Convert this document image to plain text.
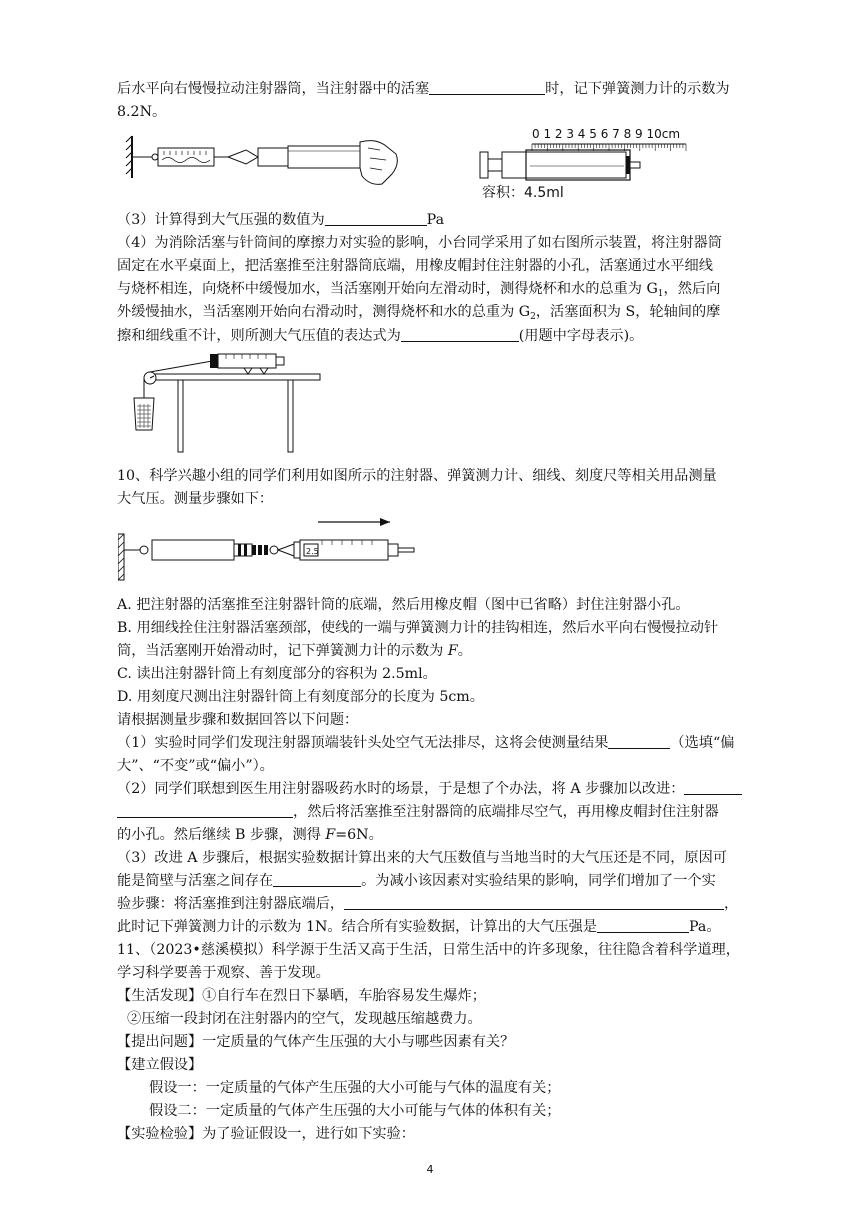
后水平向右慢慢拉动注射器筒，当注射器中的活塞	时，记下弹簧测力计的示数为
8.2N。
0 1 2 3 4 5 6 7 8 9 10cm
容积：4.5ml
（3）计算得到大气压强的数值为	Pa
（4）为消除活塞与针筒间的摩擦力对实验的影响，小台同学采用了如右图所示装置，将注射器筒
固定在水平桌面上，把活塞推至注射器筒底端，用橡皮帽封住注射器的小孔，活塞通过水平细线
与烧杯相连，向烧杯中缓慢加水，当活塞刚开始向左滑动时，测得烧杯和水的总重为 $G_1$，然后向
外缓慢抽水，当活塞刚开始向右滑动时，测得烧杯和水的总重为 $G_2$，活塞面积为 S，轮轴间的摩
擦和细线重不计，则所测大气压值的表达式为	(用题中字母表示)。
10、科学兴趣小组的同学们利用如图所示的注射器、弹簧测力计、细线、刻度尺等相关用品测量
大气压。测量步骤如下：
2.5
A. 把注射器的活塞推至注射器针筒的底端，然后用橡皮帽（图中已省略）封住注射器小孔。
B. 用细线拴住注射器活塞颈部，使线的一端与弹簧测力计的挂钩相连，然后水平向右慢慢拉动针
筒，当活塞刚开始滑动时，记下弹簧测力计的示数为 F。
C. 读出注射器针筒上有刻度部分的容积为 2.5ml。
D. 用刻度尺测出注射器针筒上有刻度部分的长度为 5cm。
请根据测量步骤和数据回答以下问题：
（1）实验时同学们发现注射器顶端装针头处空气无法排尽，这将会使测量结果	（选填“偏
大”、“不变”或“偏小”）。
（2）同学们联想到医生用注射器吸药水时的场景，于是想了个办法，将 A 步骤加以改进：
，然后将活塞推至注射器筒的底端排尽空气，再用橡皮帽封住注射器
的小孔。然后继续 B 步骤，测得 F=6N。
（3）改进 A 步骤后，根据实验数据计算出来的大气压数值与当地当时的大气压还是不同，原因可
能是简壁与活塞之间存在	。为减小该因素对实验结果的影响，同学们增加了一个实
验步骤：将活塞推到注射器底端后，	，
此时记下弹簧测力计的示数为 1N。结合所有实验数据，计算出的大气压强是	Pa。
11、（2023•慈溪模拟）科学源于生活又高于生活，日常生活中的许多现象，往往隐含着科学道理，
学习科学要善于观察、善于发现。
【生活发现】①自行车在烈日下暴晒，车胎容易发生爆炸；
②压缩一段封闭在注射器内的空气，发现越压缩越费力。
【提出问题】一定质量的气体产生压强的大小与哪些因素有关？
【建立假设】
假设一：一定质量的气体产生压强的大小可能与气体的温度有关；
假设二：一定质量的气体产生压强的大小可能与气体的体积有关；
【实验检验】为了验证假设一，进行如下实验：
4
